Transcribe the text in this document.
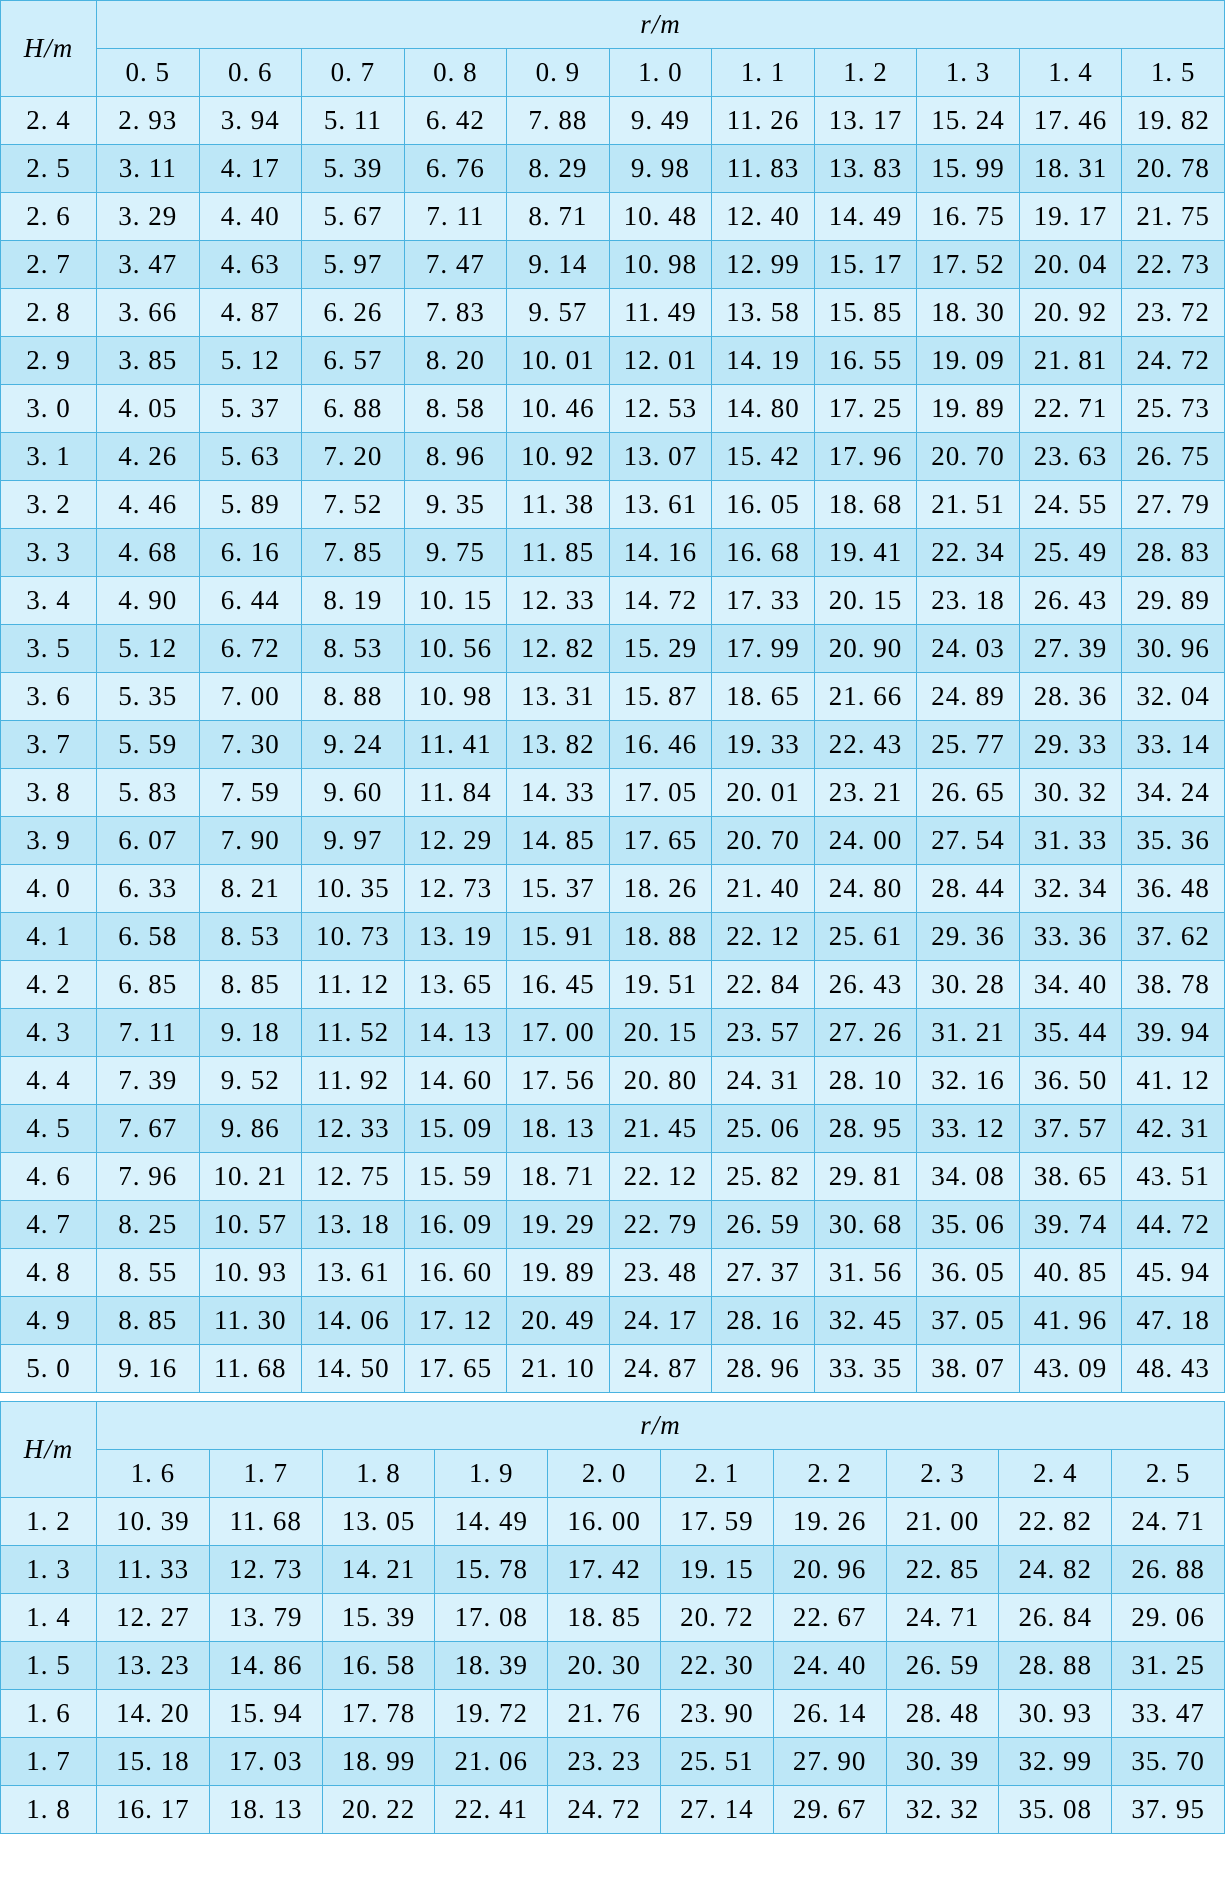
H/m	r/m										
	0. 5	0. 6	0. 7	0. 8	0. 9	1. 0	1. 1	1. 2	1. 3	1. 4	1. 5
2. 4	2. 93	3. 94	5. 11	6. 42	7. 88	9. 49	11. 26	13. 17	15. 24	17. 46	19. 82
2. 5	3. 11	4. 17	5. 39	6. 76	8. 29	9. 98	11. 83	13. 83	15. 99	18. 31	20. 78
2. 6	3. 29	4. 40	5. 67	7. 11	8. 71	10. 48	12. 40	14. 49	16. 75	19. 17	21. 75
2. 7	3. 47	4. 63	5. 97	7. 47	9. 14	10. 98	12. 99	15. 17	17. 52	20. 04	22. 73
2. 8	3. 66	4. 87	6. 26	7. 83	9. 57	11. 49	13. 58	15. 85	18. 30	20. 92	23. 72
2. 9	3. 85	5. 12	6. 57	8. 20	10. 01	12. 01	14. 19	16. 55	19. 09	21. 81	24. 72
3. 0	4. 05	5. 37	6. 88	8. 58	10. 46	12. 53	14. 80	17. 25	19. 89	22. 71	25. 73
3. 1	4. 26	5. 63	7. 20	8. 96	10. 92	13. 07	15. 42	17. 96	20. 70	23. 63	26. 75
3. 2	4. 46	5. 89	7. 52	9. 35	11. 38	13. 61	16. 05	18. 68	21. 51	24. 55	27. 79
3. 3	4. 68	6. 16	7. 85	9. 75	11. 85	14. 16	16. 68	19. 41	22. 34	25. 49	28. 83
3. 4	4. 90	6. 44	8. 19	10. 15	12. 33	14. 72	17. 33	20. 15	23. 18	26. 43	29. 89
3. 5	5. 12	6. 72	8. 53	10. 56	12. 82	15. 29	17. 99	20. 90	24. 03	27. 39	30. 96
3. 6	5. 35	7. 00	8. 88	10. 98	13. 31	15. 87	18. 65	21. 66	24. 89	28. 36	32. 04
3. 7	5. 59	7. 30	9. 24	11. 41	13. 82	16. 46	19. 33	22. 43	25. 77	29. 33	33. 14
3. 8	5. 83	7. 59	9. 60	11. 84	14. 33	17. 05	20. 01	23. 21	26. 65	30. 32	34. 24
3. 9	6. 07	7. 90	9. 97	12. 29	14. 85	17. 65	20. 70	24. 00	27. 54	31. 33	35. 36
4. 0	6. 33	8. 21	10. 35	12. 73	15. 37	18. 26	21. 40	24. 80	28. 44	32. 34	36. 48
4. 1	6. 58	8. 53	10. 73	13. 19	15. 91	18. 88	22. 12	25. 61	29. 36	33. 36	37. 62
4. 2	6. 85	8. 85	11. 12	13. 65	16. 45	19. 51	22. 84	26. 43	30. 28	34. 40	38. 78
4. 3	7. 11	9. 18	11. 52	14. 13	17. 00	20. 15	23. 57	27. 26	31. 21	35. 44	39. 94
4. 4	7. 39	9. 52	11. 92	14. 60	17. 56	20. 80	24. 31	28. 10	32. 16	36. 50	41. 12
4. 5	7. 67	9. 86	12. 33	15. 09	18. 13	21. 45	25. 06	28. 95	33. 12	37. 57	42. 31
4. 6	7. 96	10. 21	12. 75	15. 59	18. 71	22. 12	25. 82	29. 81	34. 08	38. 65	43. 51
4. 7	8. 25	10. 57	13. 18	16. 09	19. 29	22. 79	26. 59	30. 68	35. 06	39. 74	44. 72
4. 8	8. 55	10. 93	13. 61	16. 60	19. 89	23. 48	27. 37	31. 56	36. 05	40. 85	45. 94
4. 9	8. 85	11. 30	14. 06	17. 12	20. 49	24. 17	28. 16	32. 45	37. 05	41. 96	47. 18
5. 0	9. 16	11. 68	14. 50	17. 65	21. 10	24. 87	28. 96	33. 35	38. 07	43. 09	48. 43
H/m	r/m									
	1. 6	1. 7	1. 8	1. 9	2. 0	2. 1	2. 2	2. 3	2. 4	2. 5
1. 2	10. 39	11. 68	13. 05	14. 49	16. 00	17. 59	19. 26	21. 00	22. 82	24. 71
1. 3	11. 33	12. 73	14. 21	15. 78	17. 42	19. 15	20. 96	22. 85	24. 82	26. 88
1. 4	12. 27	13. 79	15. 39	17. 08	18. 85	20. 72	22. 67	24. 71	26. 84	29. 06
1. 5	13. 23	14. 86	16. 58	18. 39	20. 30	22. 30	24. 40	26. 59	28. 88	31. 25
1. 6	14. 20	15. 94	17. 78	19. 72	21. 76	23. 90	26. 14	28. 48	30. 93	33. 47
1. 7	15. 18	17. 03	18. 99	21. 06	23. 23	25. 51	27. 90	30. 39	32. 99	35. 70
1. 8	16. 17	18. 13	20. 22	22. 41	24. 72	27. 14	29. 67	32. 32	35. 08	37. 95
